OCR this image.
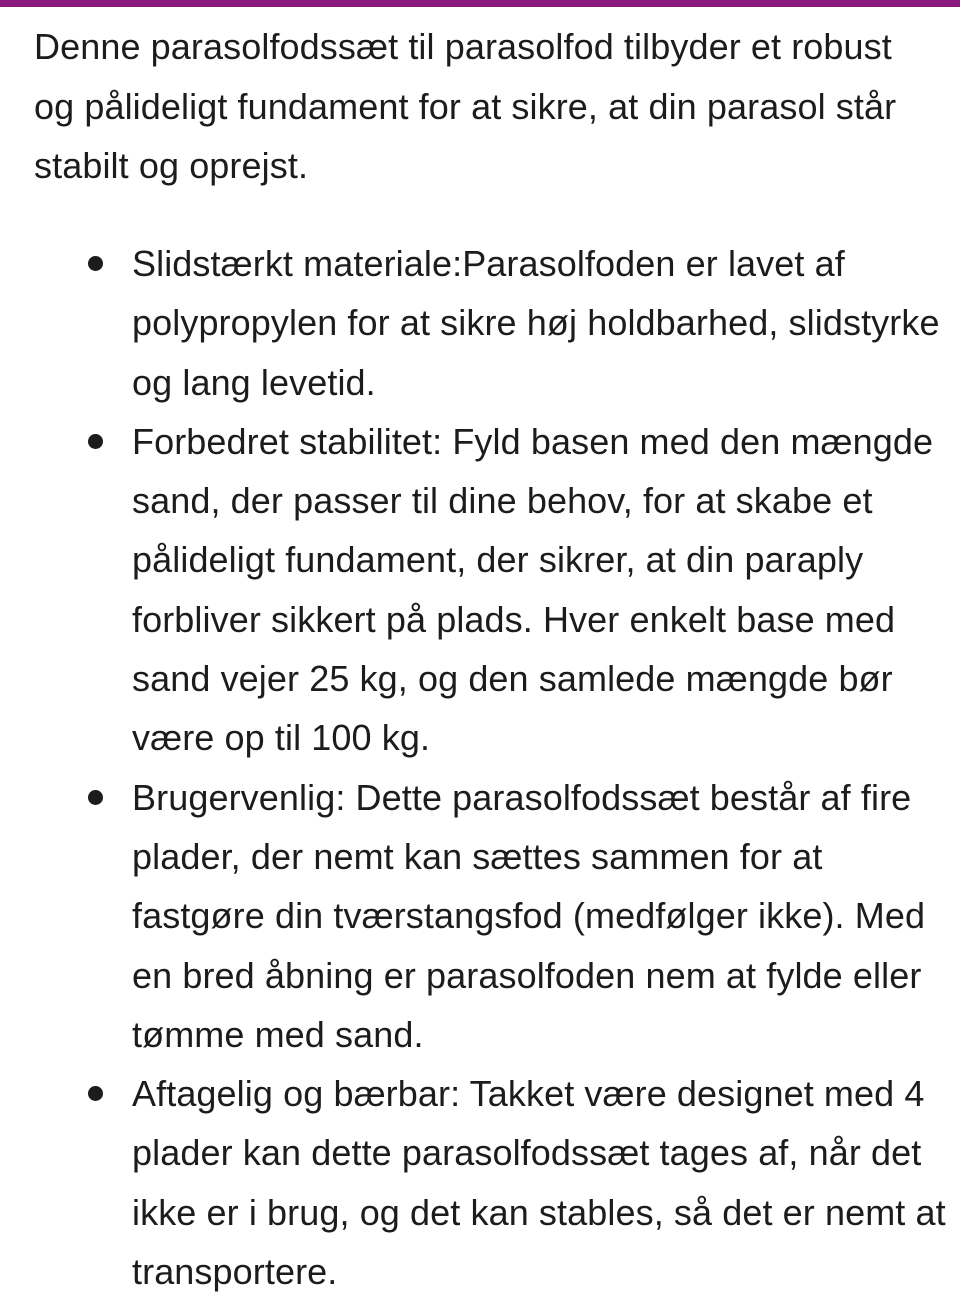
Denne parasolfodssæt til parasolfod tilbyder et robust og pålideligt fundament for at sikre, at din parasol står stabilt og oprejst.

Slidstærkt materiale:Parasolfoden er lavet af polypropylen for at sikre høj holdbarhed, slidstyrke og lang levetid.
Forbedret stabilitet: Fyld basen med den mængde sand, der passer til dine behov, for at skabe et pålideligt fundament, der sikrer, at din paraply forbliver sikkert på plads. Hver enkelt base med sand vejer 25 kg, og den samlede mængde bør være op til 100 kg.
Brugervenlig: Dette parasolfodssæt består af fire plader, der nemt kan sættes sammen for at fastgøre din tværstangsfod (medfølger ikke). Med en bred åbning er parasolfoden nem at fylde eller tømme med sand.
Aftagelig og bærbar: Takket være designet med 4 plader kan dette parasolfodssæt tages af, når det ikke er i brug, og det kan stables, så det er nemt at transportere.
